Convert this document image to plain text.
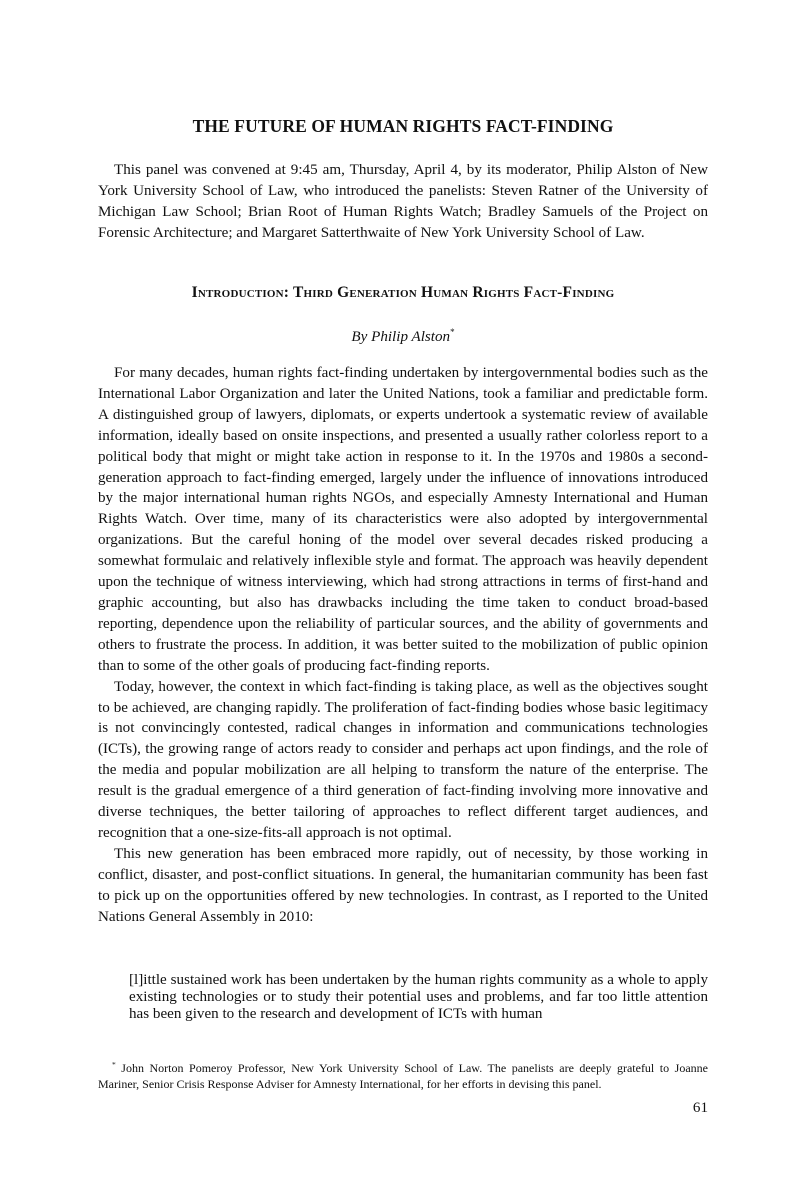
THE FUTURE OF HUMAN RIGHTS FACT-FINDING

This panel was convened at 9:45 am, Thursday, April 4, by its moderator, Philip Alston of New York University School of Law, who introduced the panelists: Steven Ratner of the University of Michigan Law School; Brian Root of Human Rights Watch; Bradley Samuels of the Project on Forensic Architecture; and Margaret Satterthwaite of New York University School of Law.

Introduction: Third Generation Human Rights Fact-Finding
By Philip Alston*

For many decades, human rights fact-finding undertaken by intergovernmental bodies such as the International Labor Organization and later the United Nations, took a familiar and predictable form. A distinguished group of lawyers, diplomats, or experts undertook a systematic review of available information, ideally based on onsite inspections, and presented a usually rather colorless report to a political body that might or might take action in response to it. In the 1970s and 1980s a second-generation approach to fact-finding emerged, largely under the influence of innovations introduced by the major international human rights NGOs, and especially Amnesty International and Human Rights Watch. Over time, many of its characteristics were also adopted by intergovernmental organizations. But the careful honing of the model over several decades risked producing a somewhat formulaic and relatively inflexible style and format. The approach was heavily dependent upon the technique of witness interviewing, which had strong attractions in terms of first-hand and graphic accounting, but also has drawbacks including the time taken to conduct broad-based reporting, dependence upon the reliability of particular sources, and the ability of governments and others to frustrate the process. In addition, it was better suited to the mobilization of public opinion than to some of the other goals of producing fact-finding reports.

Today, however, the context in which fact-finding is taking place, as well as the objectives sought to be achieved, are changing rapidly. The proliferation of fact-finding bodies whose basic legitimacy is not convincingly contested, radical changes in information and communications technologies (ICTs), the growing range of actors ready to consider and perhaps act upon findings, and the role of the media and popular mobilization are all helping to transform the nature of the enterprise. The result is the gradual emergence of a third generation of fact-finding involving more innovative and diverse techniques, the better tailoring of approaches to reflect different target audiences, and recognition that a one-size-fits-all approach is not optimal.

This new generation has been embraced more rapidly, out of necessity, by those working in conflict, disaster, and post-conflict situations. In general, the humanitarian community has been fast to pick up on the opportunities offered by new technologies. In contrast, as I reported to the United Nations General Assembly in 2010:

[l]ittle sustained work has been undertaken by the human rights community as a whole to apply existing technologies or to study their potential uses and problems, and far too little attention has been given to the research and development of ICTs with human

* John Norton Pomeroy Professor, New York University School of Law. The panelists are deeply grateful to Joanne Mariner, Senior Crisis Response Adviser for Amnesty International, for her efforts in devising this panel.

61
